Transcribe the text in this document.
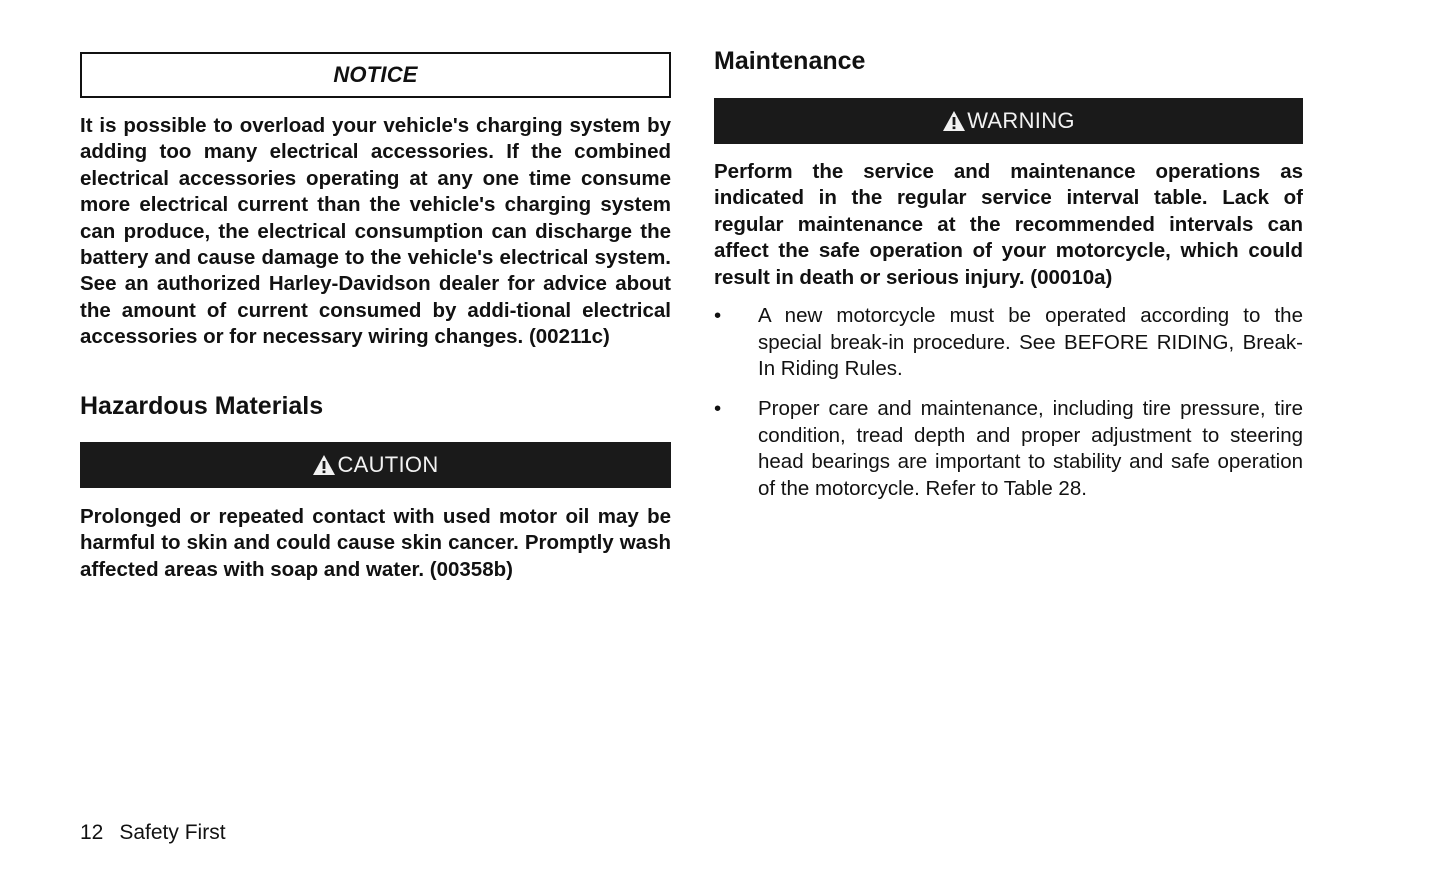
NOTICE

It is possible to overload your vehicle's charging system by adding too many electrical accessories. If the combined electrical accessories operating at any one time consume more electrical current than the vehicle's charging system can produce, the electrical consumption can discharge the battery and cause damage to the vehicle's electrical system. See an authorized Harley-Davidson dealer for advice about the amount of current consumed by addi-tional electrical accessories or for necessary wiring changes. (00211c)

Hazardous Materials
CAUTION

Prolonged or repeated contact with used motor oil may be harmful to skin and could cause skin cancer. Promptly wash affected areas with soap and water. (00358b)

Maintenance
WARNING

Perform the service and maintenance operations as indicated in the regular service interval table. Lack of regular maintenance at the recommended intervals can affect the safe operation of your motorcycle, which could result in death or serious injury. (00010a)

• A new motorcycle must be operated according to the special break-in procedure. See BEFORE RIDING, Break-In Riding Rules.
• Proper care and maintenance, including tire pressure, tire condition, tread depth and proper adjustment to steering head bearings are important to stability and safe operation of the motorcycle. Refer to Table 28.
12 Safety First
